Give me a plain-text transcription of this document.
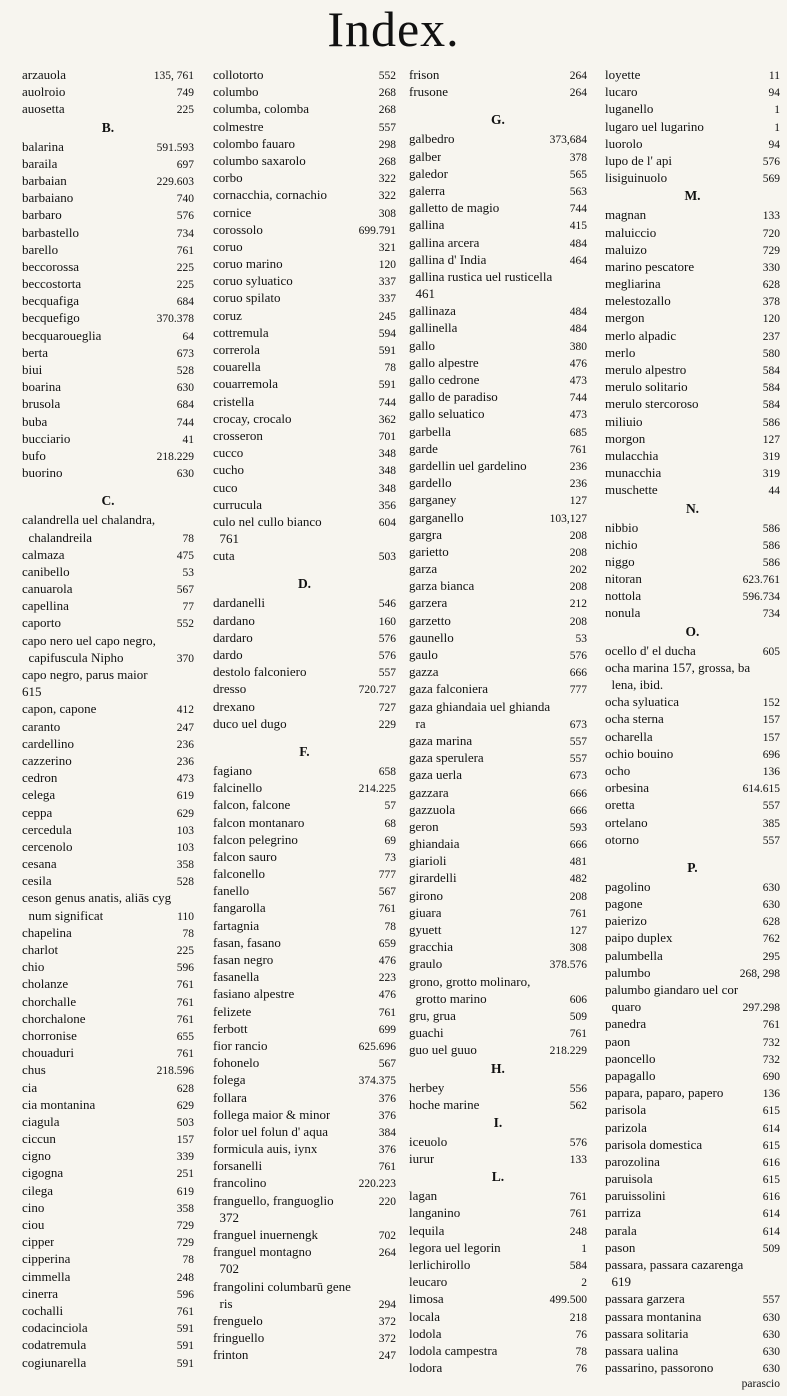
Index.
arzauola	135, 761
auolroio	749
auosetta	225
B.
balarina	591.593
baraila	697
barbaian	229.603
barbaiano	740
barbaro	576
barbastello	734
barello	761
beccorossa	225
beccostorta	225
becquafiga	684
becquefigo	370.378
becquaroueglia	64
berta	673
biui	528
boarina	630
brusola	684
buba	744
bucciario	41
bufo	218.229
buorino	630
C.
calandrella uel chalandra,
chalandreila	78
calmaza	475
canibello	53
canuarola	567
capellina	77
caporto	552
capo nero uel capo negro,
capifuscula Nipho	370
capo negro, parus maior
615
capon, capone	412
caranto	247
cardellino	236
cazzerino	236
cedron	473
celega	619
ceppa	629
cercedula	103
cercenolo	103
cesana	358
cesila	528
ceson genus anatis, aliās cyg
num significat	110
chapelina	78
charlot	225
chio	596
cholanze	761
chorchalle	761
chorchalone	761
chorronise	655
chouaduri	761
chus	218.596
cia	628
cia montanina	629
ciagula	503
ciccun	157
cigno	339
cigogna	251
cilega	619
cino	358
ciou	729
cipper	729
cipperina	78
cimmella	248
cinerra	596
cochalli	761
codacinciola	591
codatremula	591
cogiunarella	591
collotorto	552
columbo	268
columba, colomba	268
colmestre	557
colombo fauaro	298
columbo saxarolo	268
corbo	322
cornacchia, cornachio	322
cornice	308
corossolo	699.791
coruo	321
coruo marino	120
coruo syluatico	337
coruo spilato	337
coruz	245
cottremula	594
correrola	591
couarella	78
couarremola	591
cristella	744
crocay, crocalo	362
crosseron	701
cucco	348
cucho	348
cuco	348
currucula	356
culo nel cullo bianco	604
761
cuta	503
D.
dardanelli	546
dardano	160
dardaro	576
dardo	576
destolo falconiero	557
dresso	720.727
drexano	727
duco uel dugo	229
F.
fagiano	658
falcinello	214.225
falcon, falcone	57
falcon montanaro	68
falcon pelegrino	69
falcon sauro	73
falconello	777
fanello	567
fangarolla	761
fartagnia	78
fasan, fasano	659
fasan negro	476
fasanella	223
fasiano alpestre	476
felizete	761
ferbott	699
fior rancio	625.696
fohonelo	567
folega	374.375
follara	376
follega maior & minor	376
folor uel folun d' aqua	384
formicula auis, iynx	376
forsanelli	761
francolino	220.223
franguello, franguoglio	220
372
franguel inuernengk	702
franguel montagno	264
702
frangolini columbarū gene
ris	294
frenguelo	372
fringuello	372
frinton	247
frison	264
frusone	264
G.
galbedro	373,684
galber	378
galedor	565
galerra	563
galletto de magio	744
gallina	415
gallina arcera	484
gallina d' India	464
gallina rustica uel rusticella
461
gallinaza	484
gallinella	484
gallo	380
gallo alpestre	476
gallo cedrone	473
gallo de paradiso	744
gallo seluatico	473
garbella	685
garde	761
gardellin uel gardelino	236
gardello	236
garganey	127
garganello	103,127
gargra	208
garietto	208
garza	202
garza bianca	208
garzera	212
garzetto	208
gaunello	53
gaulo	576
gazza	666
gaza falconiera	777
gaza ghiandaia uel ghianda
ra	673
gaza marina	557
gaza sperulera	557
gaza uerla	673
gazzara	666
gazzuola	666
geron	593
ghiandaia	666
giarioli	481
girardelli	482
girono	208
giuara	761
gyuett	127
gracchia	308
graulo	378.576
grono, grotto molinaro,
grotto marino	606
gru, grua	509
guachi	761
guo uel guuo	218.229
H.
herbey	556
hoche marine	562
I.
iceuolo	576
iurur	133
L.
lagan	761
langanino	761
lequila	248
legora uel legorin	1
lerlichirollo	584
leucaro	2
limosa	499.500
locala	218
lodola	76
lodola campestra	78
lodora	76
loyette	11
lucaro	94
luganello	1
lugaro uel lugarino	1
luorolo	94
lupo de l' api	576
lisiguinuolo	569
M.
magnan	133
maluiccio	720
maluizo	729
marino pescatore	330
megliarina	628
melestozallo	378
mergon	120
merlo alpadic	237
merlo	580
merulo alpestro	584
merulo solitario	584
merulo stercoroso	584
miliuio	586
morgon	127
mulacchia	319
munacchia	319
muschette	44
N.
nibbio	586
nichio	586
niggo	586
nitoran	623.761
nottola	596.734
nonula	734
O.
ocello d' el ducha	605
ocha marina 157, grossa, ba
lena, ibid.
ocha syluatica	152
ocha sterna	157
ocharella	157
ochio bouino	696
ocho	136
orbesina	614.615
oretta	557
ortelano	385
otorno	557
P.
pagolino	630
pagone	630
paierizo	628
paipo duplex	762
palumbella	295
palumbo	268, 298
palumbo giandaro uel cor
quaro	297.298
panedra	761
paon	732
paoncello	732
papagallo	690
papara, paparo, papero	136
parisola	615
parizola	614
parisola domestica	615
parozolina	616
paruisola	615
paruissolini	616
parriza	614
parala	614
pason	509
passara, passara cazarenga
619
passara garzera	557
passara montanina	630
passara solitaria	630
passara ualina	630
passarino, passorono	630
parascio
